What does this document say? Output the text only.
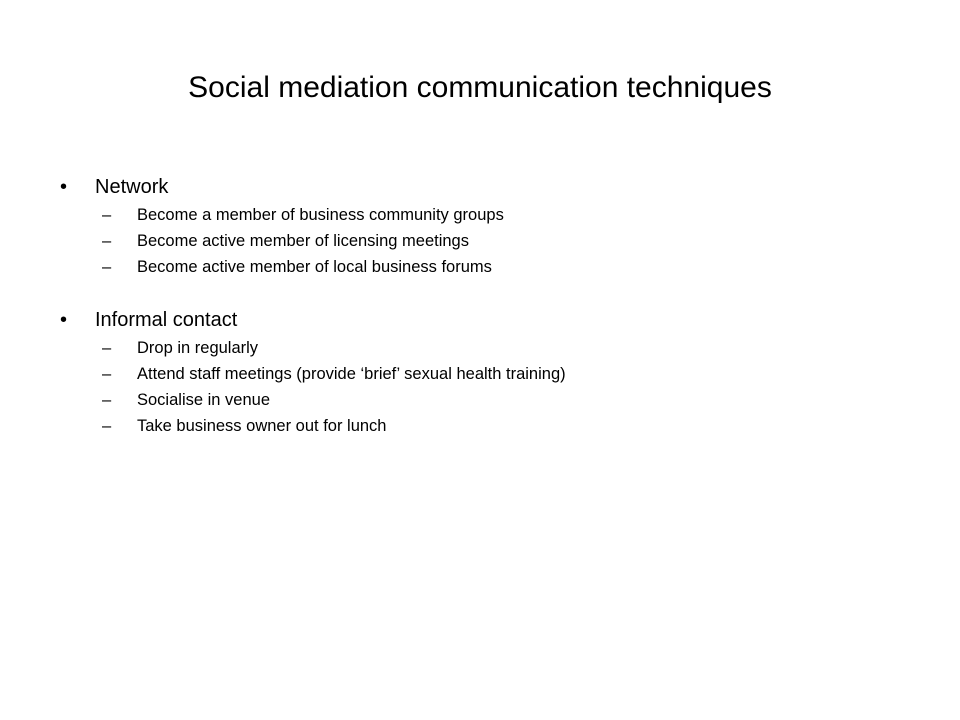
Social mediation communication techniques
•	Network
–	Become a member of business community groups
–	Become active member of licensing meetings
–	Become active member of local business forums
•	Informal contact
–	Drop in regularly
–	Attend staff meetings (provide ‘brief’ sexual health training)
–	Socialise in venue
–	Take business owner out for lunch
